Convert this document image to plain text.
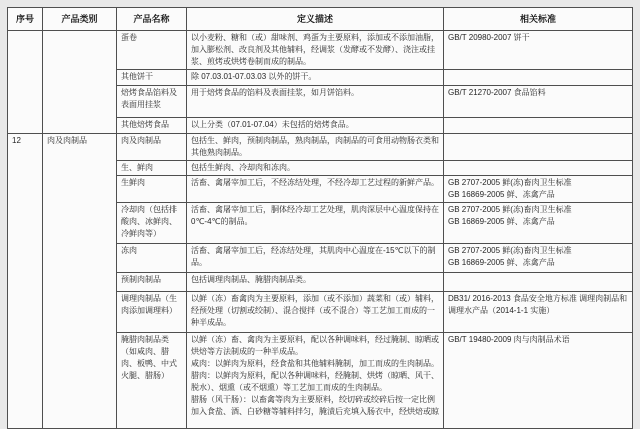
序号	产品类别	产品名称	定义描述	相关标准
		蛋卷	以小麦粉、糖和（或）甜味剂、鸡蛋为主要原料，添加或不添加油脂，加入膨松剂、改良剂及其他辅料，经调浆（发酵或不发酵）、浇注或挂浆、煎烤或烘烤卷制而成的制品。	GB/T 20980-2007 饼干

		其他饼干	除 07.03.01-07.03.03 以外的饼干。	

		焙烤食品馅料及表面用挂浆	用于焙烤食品的馅料及表面挂浆，如月饼馅料。	GB/T 21270-2007 食品馅料

		其他焙烤食品	以上分类（07.01-07.04）未包括的焙烤食品。	

12	肉及肉制品	肉及肉制品	包括生、鲜肉，预制肉制品，熟肉制品，肉制品的可食用动物肠衣类和其他熟肉制品。	

		生、鲜肉	包括生鲜肉、冷却肉和冻肉。	

		生鲜肉	活畜、禽屠宰加工后，不经冻结处理，不经冷却工艺过程的新鲜产品。	GB 2707-2005 鲜(冻)畜肉卫生标准
GB 16869-2005 鲜、冻禽产品

		冷却肉（包括排酸肉、冰鲜肉、冷鲜肉等）	活畜、禽屠宰加工后，胴体经冷却工艺处理，肌肉深层中心温度保持在0℃-4℃的制品。	GB 2707-2005 鲜(冻)畜肉卫生标准
GB 16869-2005 鲜、冻禽产品

		冻肉	活畜、禽屠宰加工后，经冻结处理，其肌肉中心温度在-15℃以下的制品。	GB 2707-2005 鲜(冻)畜肉卫生标准
GB 16869-2005 鲜、冻禽产品

		预制肉制品	包括调理肉制品、腌腊肉制品类。	

		调理肉制品（生肉添加调理料）	以鲜（冻）畜禽肉为主要原料，添加（或不添加）蔬菜和（或）辅料，经预处理（切割或绞制）、混合搅拌（或不混合）等工艺加工而成的一种半成品。	DB31/ 2016-2013 食品安全地方标准 调理肉制品和调理水产品（2014-1-1 实施）

		腌腊肉制品类（如咸肉、腊肉、板鸭、中式火腿、腊肠）	以鲜（冻）畜、禽肉为主要原料，配以各种调味料，经过腌制、晾晒或烘焙等方法制成的一种半成品。
咸肉：以鲜肉为原料，经食盐和其他辅料腌制，加工而成的生肉制品。
腊肉：以鲜肉为原料，配以各种调味料，经腌制、烘烤（晾晒、风干、脱水）、烟熏（或不烟熏）等工艺加工而成的生肉制品。
腊肠（风干肠）：以畜禽等肉为主要原料，绞切碎或绞碎后按一定比例加入食盐、酒、白砂糖等辅料拌匀，腌渍后充填入肠衣中，经烘焙或晾	GB/T 19480-2009 肉与肉制品术语
